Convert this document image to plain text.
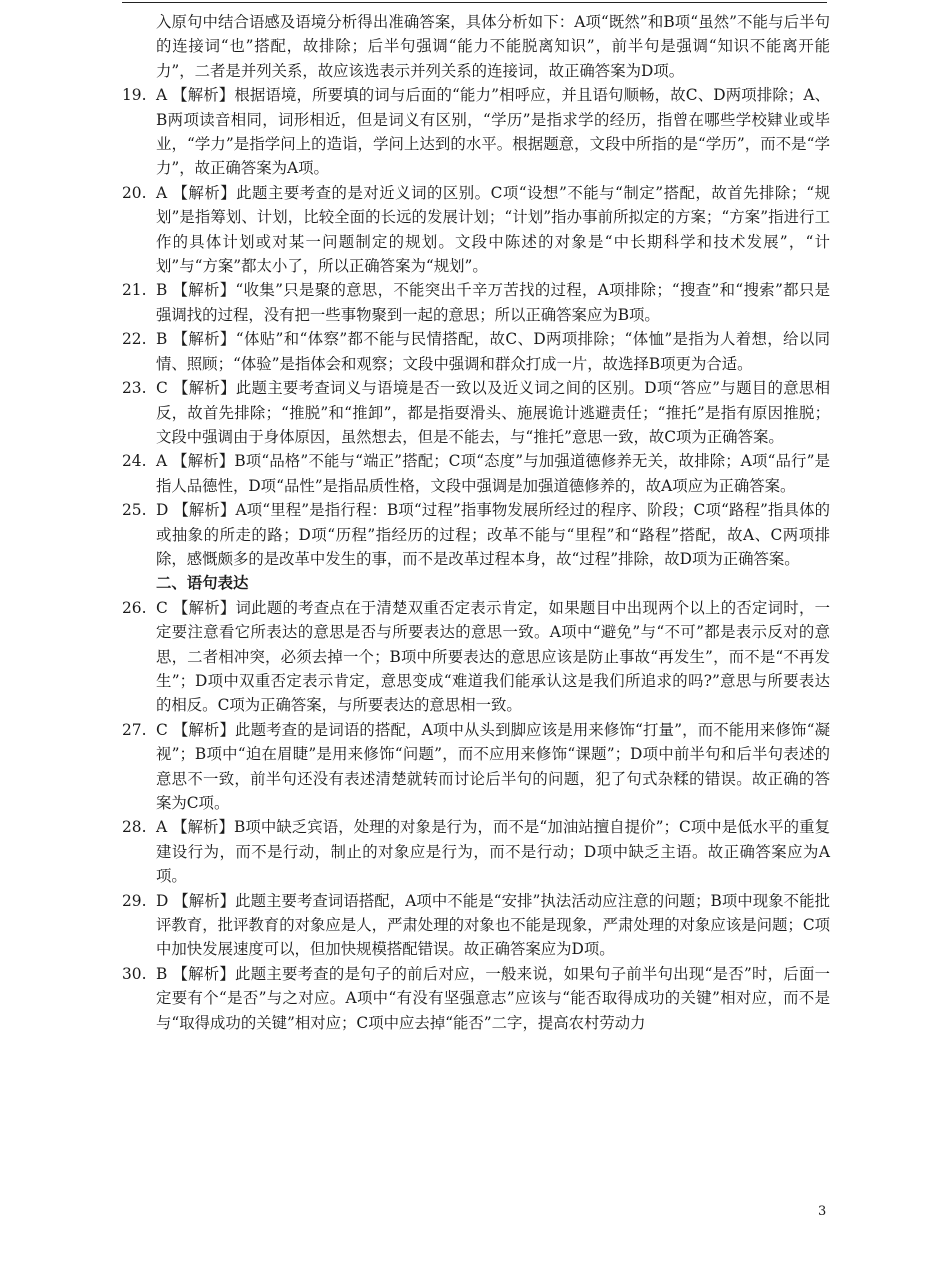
入原句中结合语感及语境分析得出准确答案，具体分析如下：A项“既然”和B项“虽然”不能与后半句的连接词“也”搭配，故排除；后半句强调“能力不能脱离知识”，前半句是强调“知识不能离开能力”，二者是并列关系，故应该选表示并列关系的连接词，故正确答案为D项。

19. A 【解析】根据语境，所要填的词与后面的“能力”相呼应，并且语句顺畅，故C、D两项排除；A、B两项读音相同，词形相近，但是词义有区别，“学历”是指求学的经历，指曾在哪些学校肄业或毕业，“学力”是指学问上的造诣，学问上达到的水平。根据题意，文段中所指的是“学历”，而不是“学力”，故正确答案为A项。
20. A 【解析】此题主要考查的是对近义词的区别。C项“设想”不能与“制定”搭配，故首先排除；“规划”是指筹划、计划，比较全面的长远的发展计划；“计划”指办事前所拟定的方案；“方案”指进行工作的具体计划或对某一问题制定的规划。文段中陈述的对象是“中长期科学和技术发展”，“计划”与“方案”都太小了，所以正确答案为“规划”。
21. B 【解析】“收集”只是聚的意思，不能突出千辛万苦找的过程，A项排除；“搜查”和“搜索”都只是强调找的过程，没有把一些事物聚到一起的意思；所以正确答案应为B项。
22. B 【解析】“体贴”和“体察”都不能与民情搭配，故C、D两项排除；“体恤”是指为人着想，给以同情、照顾；“体验”是指体会和观察；文段中强调和群众打成一片，故选择B项更为合适。
23. C 【解析】此题主要考查词义与语境是否一致以及近义词之间的区别。D项“答应”与题目的意思相反，故首先排除；“推脱”和“推卸”，都是指耍滑头、施展诡计逃避责任；“推托”是指有原因推脱；文段中强调由于身体原因，虽然想去，但是不能去，与“推托”意思一致，故C项为正确答案。
24. A 【解析】B项“品格”不能与“端正”搭配；C项“态度”与加强道德修养无关，故排除；A项“品行”是指人品德性，D项“品性”是指品质性格，文段中强调是加强道德修养的，故A项应为正确答案。
25. D 【解析】A项“里程”是指行程：B项“过程”指事物发展所经过的程序、阶段；C项“路程”指具体的或抽象的所走的路；D项“历程”指经历的过程；改革不能与“里程”和“路程”搭配，故A、C两项排除，感慨颇多的是改革中发生的事，而不是改革过程本身，故“过程”排除，故D项为正确答案。

二、语句表达

26. C 【解析】词此题的考查点在于清楚双重否定表示肯定，如果题目中出现两个以上的否定词时，一定要注意看它所表达的意思是否与所要表达的意思一致。A项中“避免”与“不可”都是表示反对的意思，二者相冲突，必须去掉一个；B项中所要表达的意思应该是防止事故“再发生”，而不是“不再发生”；D项中双重否定表示肯定，意思变成“难道我们能承认这是我们所追求的吗?”意思与所要表达的相反。C项为正确答案，与所要表达的意思相一致。
27. C 【解析】此题考查的是词语的搭配，A项中从头到脚应该是用来修饰“打量”，而不能用来修饰“凝视”；B项中“迫在眉睫”是用来修饰“问题”，而不应用来修饰“课题”；D项中前半句和后半句表述的意思不一致，前半句还没有表述清楚就转而讨论后半句的问题，犯了句式杂糅的错误。故正确的答案为C项。
28. A 【解析】B项中缺乏宾语，处理的对象是行为，而不是“加油站擅自提价”；C项中是低水平的重复建设行为，而不是行动，制止的对象应是行为，而不是行动；D项中缺乏主语。故正确答案应为A项。
29. D 【解析】此题主要考查词语搭配，A项中不能是“安排”执法活动应注意的问题；B项中现象不能批评教育，批评教育的对象应是人，严肃处理的对象也不能是现象，严肃处理的对象应该是问题；C项中加快发展速度可以，但加快规模搭配错误。故正确答案应为D项。
30. B 【解析】此题主要考查的是句子的前后对应，一般来说，如果句子前半句出现“是否”时，后面一定要有个“是否”与之对应。A项中“有没有坚强意志”应该与“能否取得成功的关键”相对应，而不是与“取得成功的关键”相对应；C项中应去掉“能否”二字，提高农村劳动力
3
